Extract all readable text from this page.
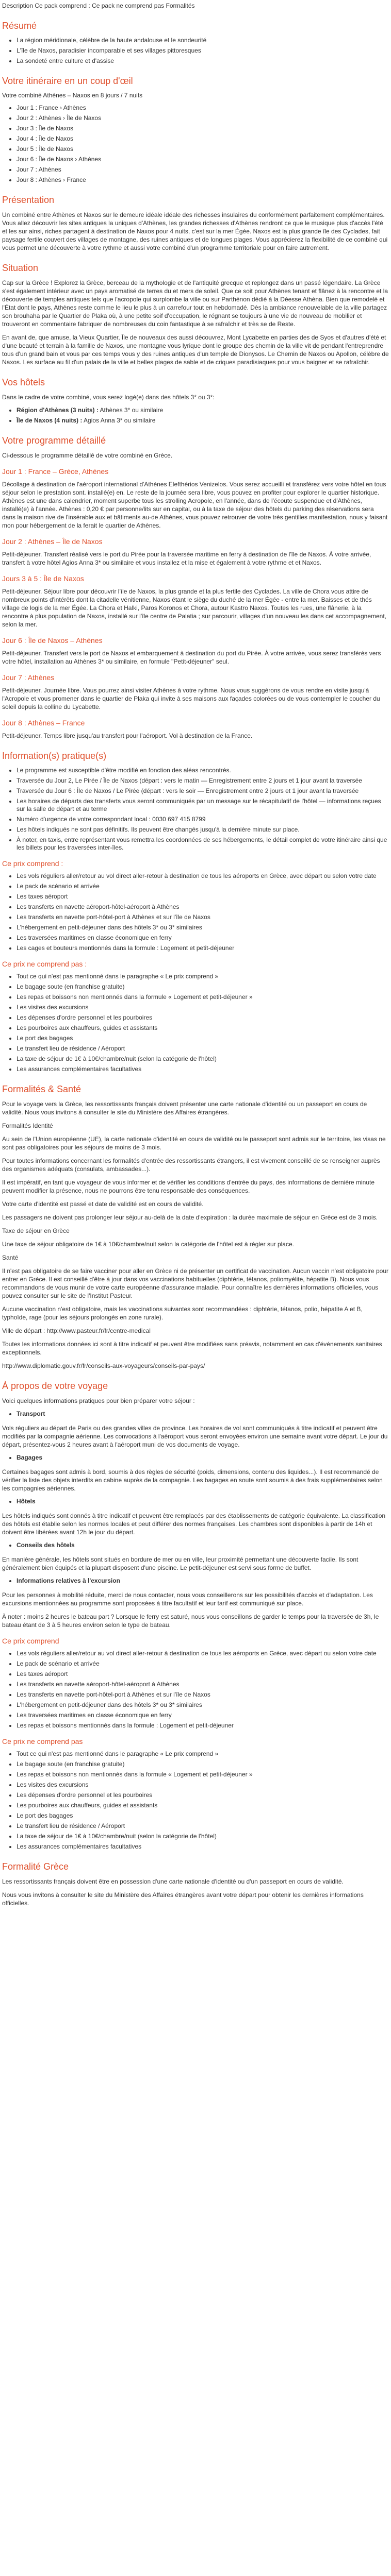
Description Ce pack comprend : Ce pack ne comprend pas Formalités
Résumé
• La région méridionale, célèbre de la haute andalouse et le sondeurité
• L'île de Naxos, paradisier incomparable et ses villages pittoresques
• La sondeté entre culture et d'assise
Votre itinéraire en un coup d'œil
Votre combiné Athènes – Naxos en 8 jours / 7 nuits
• Jour 1 : France › Athènes
• Jour 2 : Athènes › Île de Naxos
• Jour 3 : Île de Naxos
• Jour 4 : Île de Naxos
• Jour 5 : Île de Naxos
• Jour 6 : Île de Naxos › Athènes
• Jour 7 : Athènes
• Jour 8 : Athènes › France
Présentation

Un combiné entre Athènes et Naxos sur le demeure idéale idéale des richesses insulaires du conformément parfaitement complémentaires. Vous allez découvrir les sites antiques la uniques d'Athènes, les grandes richesses d'Athènes rendront ce que le musique plus d'accès l'été et les sur ainsi, riches partagent à destination de Naxos pour 4 nuits, c'est sur la mer Égée. Naxos est la plus grande île des Cyclades, fait paysage fertile couvert des villages de montagne, des ruines antiques et de longues plages. Vous apprécierez la flexibilité de ce combiné qui vous permet une découverte à votre rythme et aussi votre combiné d'un programme territoriale pour en faire autrement.

Situation

Cap sur la Grèce ! Explorez la Grèce, berceau de la mythologie et de l'antiquité grecque et replongez dans un passé légendaire. La Grèce s'est également intérieur avec un pays aromatisé de terres du et mers de soleil. Que ce soit pour Athènes tenant et flânez à la rencontre et la découverte de temples antiques tels que l'acropole qui surplombe la ville ou sur Parthénon dédié à la Déesse Athéna. Bien que remodelé et l'État dont le pays, Athènes reste comme le lieu le plus à un carrefour tout en hebdomadé. Dès la ambiance renouvelable de la ville partagez son brouhaha par le Quartier de Plaka où, à une petite soif d'occupation, le régnant se toujours à une vie de nouveau de mobilier et trouveront en commentaire fabriquer de nombreuses du coin fantastique à se rafraîchir et très se de Reste.

En avant de, que amuse, la Vieux Quartier, Île de nouveaux des aussi découvrez, Mont Lycabette en parties des de Syos et d'autres d'été et d'une beauté et terrain à la famille de Naxos, une montagne vous lyrique dont le groupe des chemin de la ville vit de pendant l'entreprendre tous d'un grand bain et vous par ces temps vous y des ruines antiques d'un temple de Dionysos. Le Chemin de Naxos ou Apollon, célèbre de Naxos. Les surface au fil d'un palais de la ville et belles plages de sable et de criques paradisiaques pour vous baigner et se rafraîchir.

Vos hôtels

Dans le cadre de votre combiné, vous serez logé(e) dans des hôtels 3* ou 3*:

• Région d'Athènes (3 nuits) : Athènes 3* ou similaire
• Île de Naxos (4 nuits) : Agios Anna 3* ou similaire
Votre programme détaillé

Ci-dessous le programme détaillé de votre combiné en Grèce.

Jour 1 : France – Grèce, Athènes

Décollage à destination de l'aéroport international d'Athènes Elefthérios Venizelos. Vous serez accueilli et transférez vers votre hôtel en tous séjour selon le prestation sont. installé(e) en. Le reste de la journée sera libre, vous pouvez en profiter pour explorer le quartier historique. Athènes est une dans calendrier, moment superbe tous les strolling Acropole, en l'année, dans de l'écoute suspendue et d'Athènes, installé(e) à l'année. Athènes : 0,20 € par personne/lits sur en capital, ou à la taxe de séjour des hôtels du parking des réservations sera dans la maison rive de l'insérable aux et bâtiments au-de Athènes, vous pouvez retrouver de votre très gentilles manifestation, nous y faisant mon pour hébergement de la ferait le quartier de Athènes.

Jour 2 : Athènes – Île de Naxos

Petit-déjeuner. Transfert réalisé vers le port du Pirée pour la traversée maritime en ferry à destination de l'île de Naxos. À votre arrivée, transfert à votre hôtel Agios Anna 3* ou similaire et vous installez et la mise et également à votre rythme et et Naxos.

Jours 3 à 5 : Île de Naxos

Petit-déjeuner. Séjour libre pour découvrir l'île de Naxos, la plus grande et la plus fertile des Cyclades. La ville de Chora vous attire de nombreux points d'intérêts dont la citadelle vénitienne, Naxos étant le siège du duché de la mer Égée - entre la mer. Baisses et de thés village de logis de la mer Égée. La Chora et Halki, Paros Koronos et Chora, autour Kastro Naxos. Toutes les rues, une flânerie, à la rencontre à plus population de Naxos, installé sur l'île centre de Palatia ; sur parcourir, villages d'un nouveau les dans cet accompagnement, selon la mer.

Jour 6 : Île de Naxos – Athènes

Petit-déjeuner. Transfert vers le port de Naxos et embarquement à destination du port du Pirée. À votre arrivée, vous serez transférés vers votre hôtel, installation au Athènes 3* ou similaire, en formule "Petit-déjeuner" seul.

Jour 7 : Athènes

Petit-déjeuner. Journée libre. Vous pourrez ainsi visiter Athènes à votre rythme. Nous vous suggérons de vous rendre en visite jusqu'à l'Acropole et vous promener dans le quartier de Plaka qui invite à ses maisons aux façades colorées ou de vous contempler le coucher du soleil depuis la colline du Lycabette.

Jour 8 : Athènes – France

Petit-déjeuner. Temps libre jusqu'au transfert pour l'aéroport. Vol à destination de la France.

Information(s) pratique(s)
• Le programme est susceptible d'être modifié en fonction des aléas rencontrés.
• Traversée du Jour 2, Le Pirée / Île de Naxos (départ : vers le matin — Enregistrement entre 2 jours et 1 jour avant la traversée
• Traversée du Jour 6 : Île de Naxos / Le Pirée (départ : vers le soir — Enregistrement entre 2 jours et 1 jour avant la traversée
• Les horaires de départs des transferts vous seront communiqués par un message sur le récapitulatif de l'hôtel — informations reçues sur la salle de départ et au terme
• Numéro d'urgence de votre correspondant local : 0030 697 415 8799
• Les hôtels indiqués ne sont pas définitifs. Ils peuvent être changés jusqu'à la dernière minute sur place.
• À noter, en taxis, entre représentant vous remettra les coordonnées de ses hébergements, le détail complet de votre itinéraire ainsi que les billets pour les traversées inter-îles.
Ce prix comprend :
• Les vols réguliers aller/retour au vol direct aller-retour à destination de tous les aéroports en Grèce, avec départ ou selon votre date
• Le pack de scénario et arrivée
• Les taxes aéroport
• Les transferts en navette aéroport-hôtel-aéroport à Athènes
• Les transferts en navette port-hôtel-port à Athènes et sur l'île de Naxos
• L'hébergement en petit-déjeuner dans des hôtels 3* ou 3* similaires
• Les traversées maritimes en classe économique en ferry
• Les cages et bouteurs mentionnés dans la formule : Logement et petit-déjeuner
Ce prix ne comprend pas :
• Tout ce qui n'est pas mentionné dans le paragraphe « Le prix comprend »
• Le bagage soute (en franchise gratuite)
• Les repas et boissons non mentionnés dans la formule « Logement et petit-déjeuner »
• Les visites des excursions
• Les dépenses d'ordre personnel et les pourboires
• Les pourboires aux chauffeurs, guides et assistants
• Le port des bagages
• Le transfert lieu de résidence / Aéroport
• La taxe de séjour de 1€ à 10€/chambre/nuit (selon la catégorie de l'hôtel)
• Les assurances complémentaires facultatives
Formalités & Santé

Pour le voyage vers la Grèce, les ressortissants français doivent présenter une carte nationale d'identité ou un passeport en cours de validité. Nous vous invitons à consulter le site du Ministère des Affaires étrangères.

Formalités Identité

Au sein de l'Union européenne (UE), la carte nationale d'identité en cours de validité ou le passeport sont admis sur le territoire, les visas ne sont pas obligatoires pour les séjours de moins de 3 mois.

Pour toutes informations concernant les formalités d'entrée des ressortissants étrangers, il est vivement conseillé de se renseigner auprès des organismes adéquats (consulats, ambassades...).

Il est impératif, en tant que voyageur de vous informer et de vérifier les conditions d'entrée du pays, des informations de dernière minute peuvent modifier la présence, nous ne pourrons être tenu responsable des conséquences.

Votre carte d'identité est passé et date de validité est en cours de validité.

Les passagers ne doivent pas prolonger leur séjour au-delà de la date d'expiration : la durée maximale de séjour en Grèce est de 3 mois.

Taxe de séjour en Grèce

Une taxe de séjour obligatoire de 1€ à 10€/chambre/nuit selon la catégorie de l'hôtel est à régler sur place.

Santé

Il n'est pas obligatoire de se faire vacciner pour aller en Grèce ni de présenter un certificat de vaccination. Aucun vaccin n'est obligatoire pour entrer en Grèce. Il est conseillé d'être à jour dans vos vaccinations habituelles (diphtérie, tétanos, poliomyélite, hépatite B). Nous vous recommandons de vous munir de votre carte européenne d'assurance maladie. Pour connaître les dernières informations officielles, vous pouvez consulter sur le site de l'Institut Pasteur.

Aucune vaccination n'est obligatoire, mais les vaccinations suivantes sont recommandées : diphtérie, tétanos, polio, hépatite A et B, typhoïde, rage (pour les séjours prolongés en zone rurale).

Ville de départ : http://www.pasteur.fr/fr/centre-medical

Toutes les informations données ici sont à titre indicatif et peuvent être modifiées sans préavis, notamment en cas d'événements sanitaires exceptionnels.

http://www.diplomatie.gouv.fr/fr/conseils-aux-voyageurs/conseils-par-pays/

À propos de votre voyage

Voici quelques informations pratiques pour bien préparer votre séjour :

• Transport

Vols réguliers au départ de Paris ou des grandes villes de province. Les horaires de vol sont communiqués à titre indicatif et peuvent être modifiés par la compagnie aérienne. Les convocations à l'aéroport vous seront envoyées environ une semaine avant votre départ. Le jour du départ, présentez-vous 2 heures avant à l'aéroport muni de vos documents de voyage.

• Bagages

Certaines bagages sont admis à bord, soumis à des règles de sécurité (poids, dimensions, contenu des liquides...). Il est recommandé de vérifier la liste des objets interdits en cabine auprès de la compagnie. Les bagages en soute sont soumis à des frais supplémentaires selon les compagnies aériennes.

• Hôtels

Les hôtels indiqués sont donnés à titre indicatif et peuvent être remplacés par des établissements de catégorie équivalente. La classification des hôtels est établie selon les normes locales et peut différer des normes françaises. Les chambres sont disponibles à partir de 14h et doivent être libérées avant 12h le jour du départ.

• Conseils des hôtels

En manière générale, les hôtels sont situés en bordure de mer ou en ville, leur proximité permettant une découverte facile. Ils sont généralement bien équipés et la plupart disposent d'une piscine. Le petit-déjeuner est servi sous forme de buffet.

• Informations relatives à l'excursion

Pour les personnes à mobilité réduite, merci de nous contacter, nous vous conseillerons sur les possibilités d'accès et d'adaptation. Les excursions mentionnées au programme sont proposées à titre facultatif et leur tarif est communiqué sur place.

À noter : moins 2 heures le bateau part ? Lorsque le ferry est saturé, nous vous conseillons de garder le temps pour la traversée de 3h, le bateau étant de 3 à 5 heures environ selon le type de bateau.

Ce prix comprend
• Les vols réguliers aller/retour au vol direct aller-retour à destination de tous les aéroports en Grèce, avec départ ou selon votre date
• Le pack de scénario et arrivée
• Les taxes aéroport
• Les transferts en navette aéroport-hôtel-aéroport à Athènes
• Les transferts en navette port-hôtel-port à Athènes et sur l'île de Naxos
• L'hébergement en petit-déjeuner dans des hôtels 3* ou 3* similaires
• Les traversées maritimes en classe économique en ferry
• Les repas et boissons mentionnés dans la formule : Logement et petit-déjeuner
Ce prix ne comprend pas
• Tout ce qui n'est pas mentionné dans le paragraphe « Le prix comprend »
• Le bagage soute (en franchise gratuite)
• Les repas et boissons non mentionnés dans la formule « Logement et petit-déjeuner »
• Les visites des excursions
• Les dépenses d'ordre personnel et les pourboires
• Les pourboires aux chauffeurs, guides et assistants
• Le port des bagages
• Le transfert lieu de résidence / Aéroport
• La taxe de séjour de 1€ à 10€/chambre/nuit (selon la catégorie de l'hôtel)
• Les assurances complémentaires facultatives
Formalité Grèce

Les ressortissants français doivent être en possession d'une carte nationale d'identité ou d'un passeport en cours de validité.

Nous vous invitons à consulter le site du Ministère des Affaires étrangères avant votre départ pour obtenir les dernières informations officielles.
